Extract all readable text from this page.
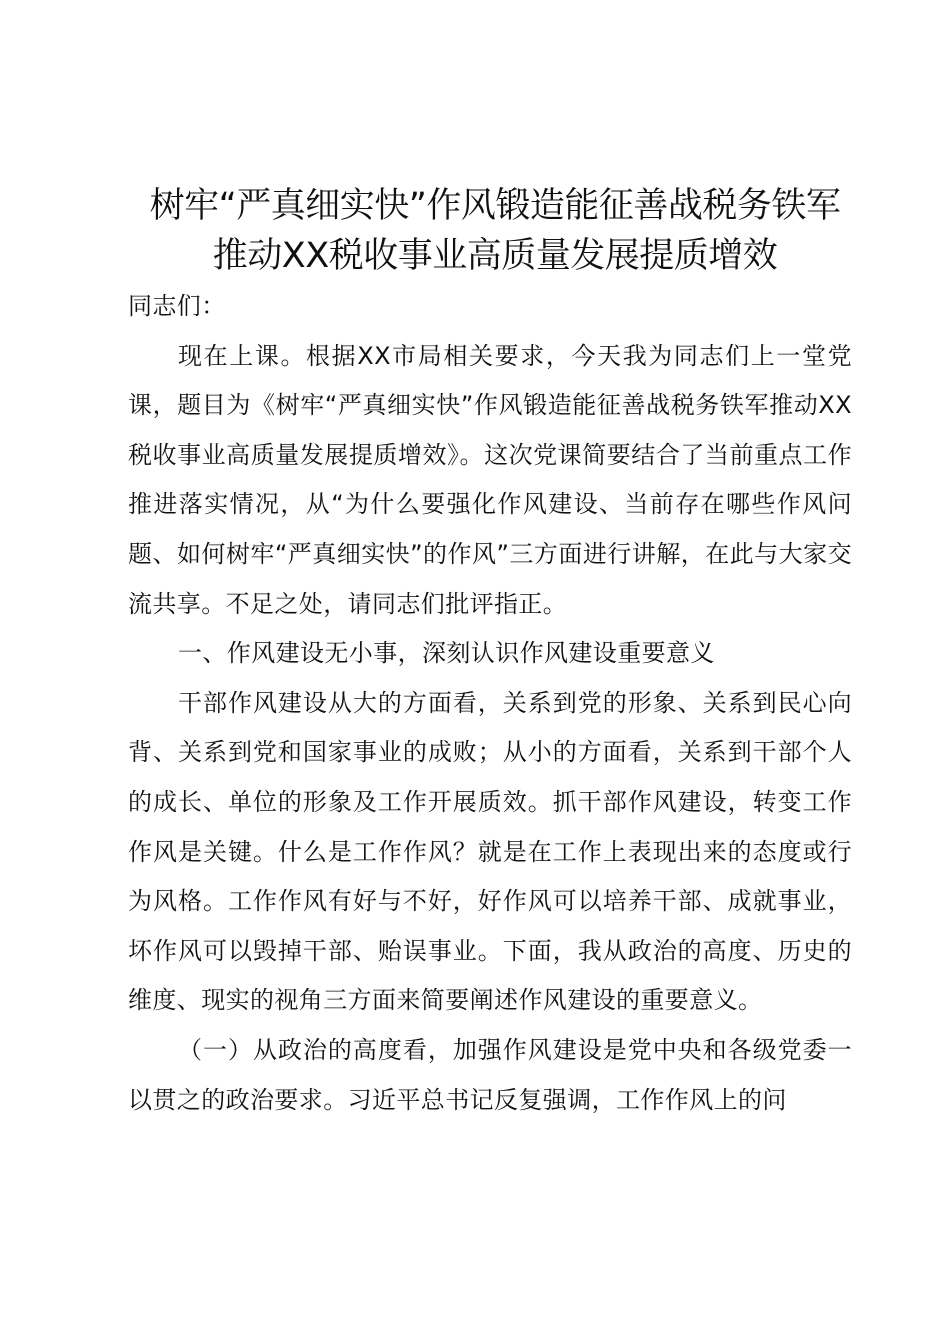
树牢“严真细实快”作风锻造能征善战税务铁军
推动XX税收事业高质量发展提质增效

同志们：

现在上课。根据XX市局相关要求，今天我为同志们上一堂党课，题目为《树牢“严真细实快”作风锻造能征善战税务铁军推动XX税收事业高质量发展提质增效》。这次党课简要结合了当前重点工作推进落实情况，从“为什么要强化作风建设、当前存在哪些作风问题、如何树牢“严真细实快”的作风”三方面进行讲解，在此与大家交流共享。不足之处，请同志们批评指正。

一、作风建设无小事，深刻认识作风建设重要意义

干部作风建设从大的方面看，关系到党的形象、关系到民心向背、关系到党和国家事业的成败；从小的方面看，关系到干部个人的成长、单位的形象及工作开展质效。抓干部作风建设，转变工作作风是关键。什么是工作作风？就是在工作上表现出来的态度或行为风格。工作作风有好与不好，好作风可以培养干部、成就事业，坏作风可以毁掉干部、贻误事业。下面，我从政治的高度、历史的维度、现实的视角三方面来简要阐述作风建设的重要意义。

（一）从政治的高度看，加强作风建设是党中央和各级党委一以贯之的政治要求。习近平总书记反复强调，工作作风上的问
